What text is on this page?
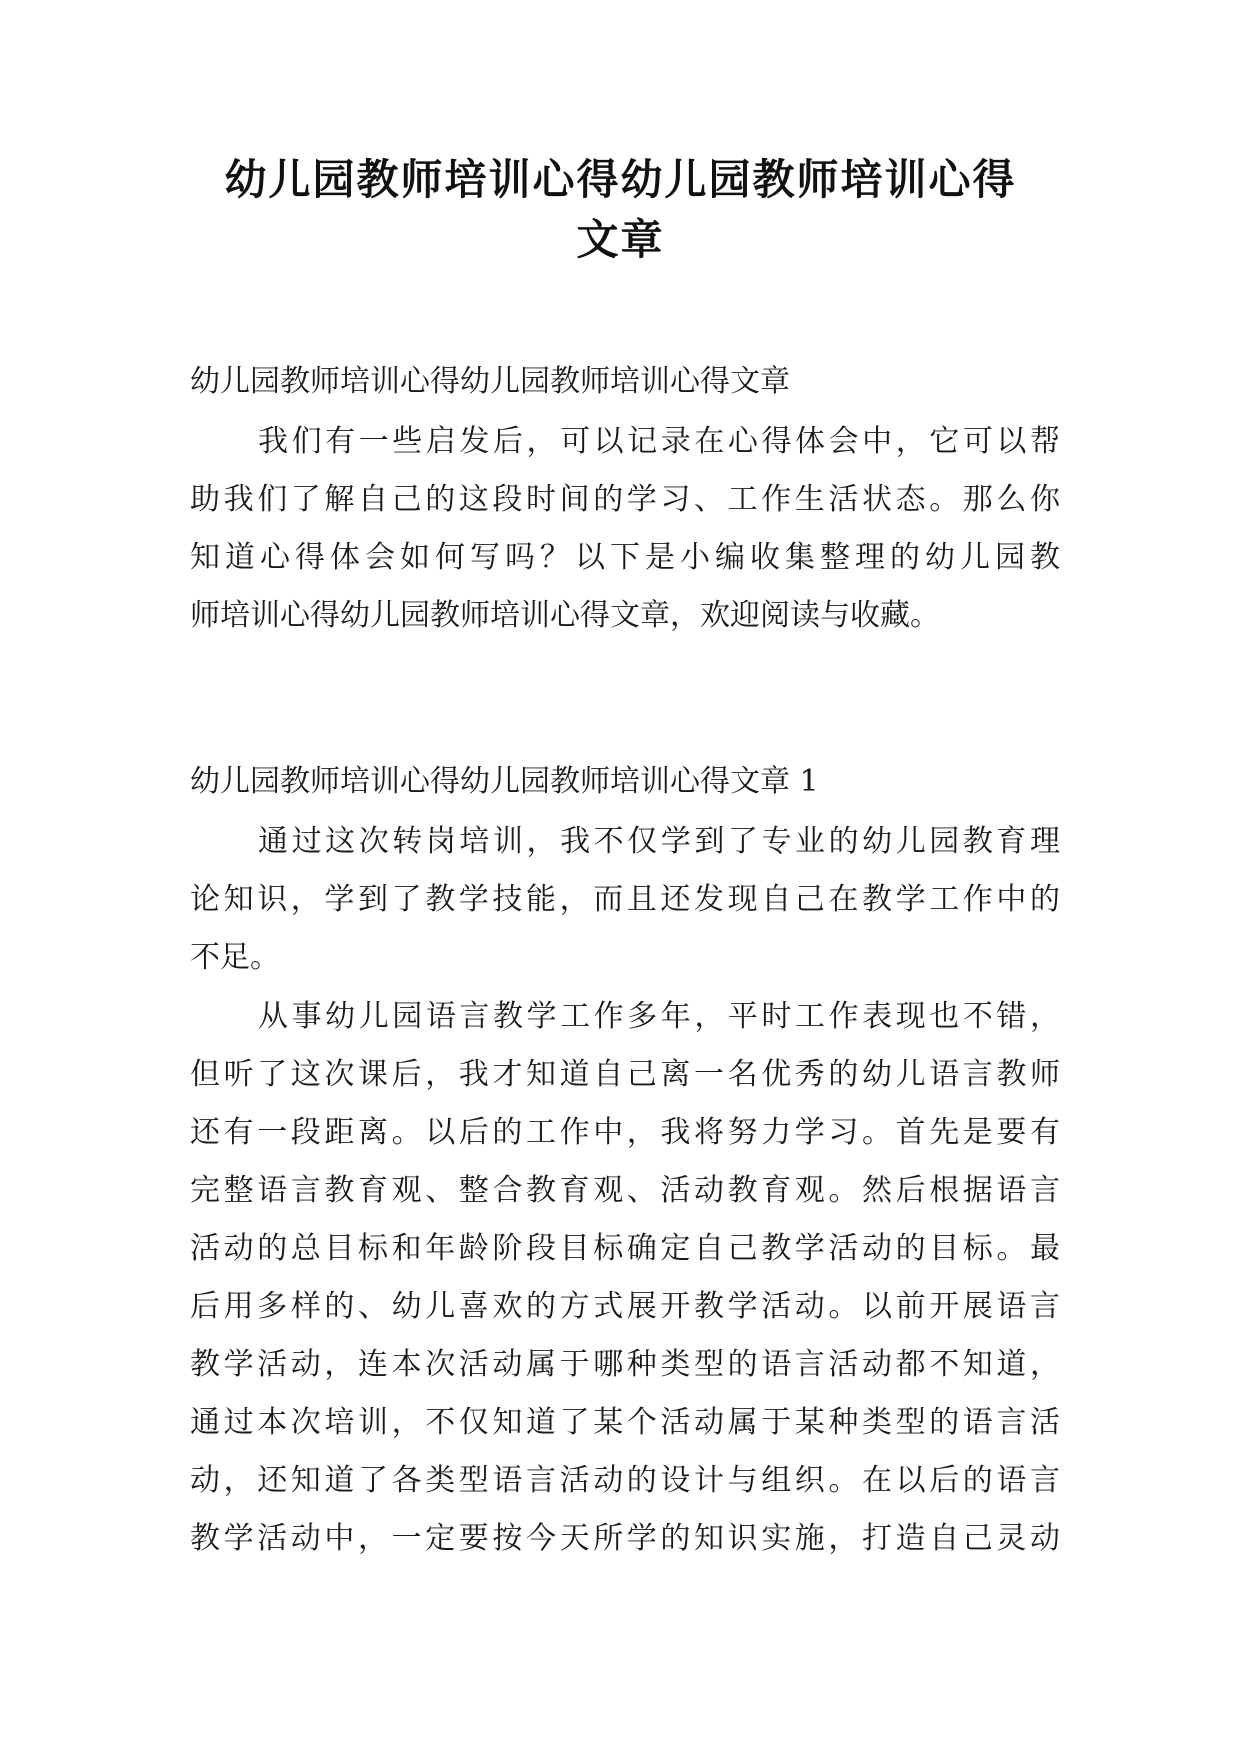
幼儿园教师培训心得幼儿园教师培训心得
文章
幼儿园教师培训心得幼儿园教师培训心得文章
我们有一些启发后，可以记录在心得体会中，它可以帮
助我们了解自己的这段时间的学习、工作生活状态。那么你
知道心得体会如何写吗？以下是小编收集整理的幼儿园教
师培训心得幼儿园教师培训心得文章，欢迎阅读与收藏。
幼儿园教师培训心得幼儿园教师培训心得文章 1
通过这次转岗培训，我不仅学到了专业的幼儿园教育理
论知识，学到了教学技能，而且还发现自己在教学工作中的
不足。
从事幼儿园语言教学工作多年，平时工作表现也不错，
但听了这次课后，我才知道自己离一名优秀的幼儿语言教师
还有一段距离。以后的工作中，我将努力学习。首先是要有
完整语言教育观、整合教育观、活动教育观。然后根据语言
活动的总目标和年龄阶段目标确定自己教学活动的目标。最
后用多样的、幼儿喜欢的方式展开教学活动。以前开展语言
教学活动，连本次活动属于哪种类型的语言活动都不知道，
通过本次培训，不仅知道了某个活动属于某种类型的语言活
动，还知道了各类型语言活动的设计与组织。在以后的语言
教学活动中，一定要按今天所学的知识实施，打造自己灵动
